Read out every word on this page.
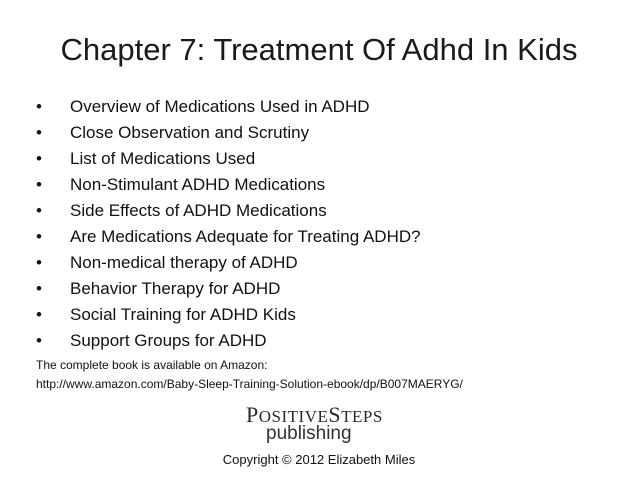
Chapter 7: Treatment Of Adhd In Kids
• Overview of Medications Used in ADHD
• Close Observation and Scrutiny
• List of Medications Used
• Non-Stimulant ADHD Medications
• Side Effects of ADHD Medications
• Are Medications Adequate for Treating ADHD?
• Non-medical therapy of ADHD
• Behavior Therapy for ADHD
• Social Training for ADHD Kids
• Support Groups for ADHD
The complete book is available on Amazon:
http://www.amazon.com/Baby-Sleep-Training-Solution-ebook/dp/B007MAERYG/
POSITIVESTEPS
publishing
Copyright © 2012 Elizabeth Miles
